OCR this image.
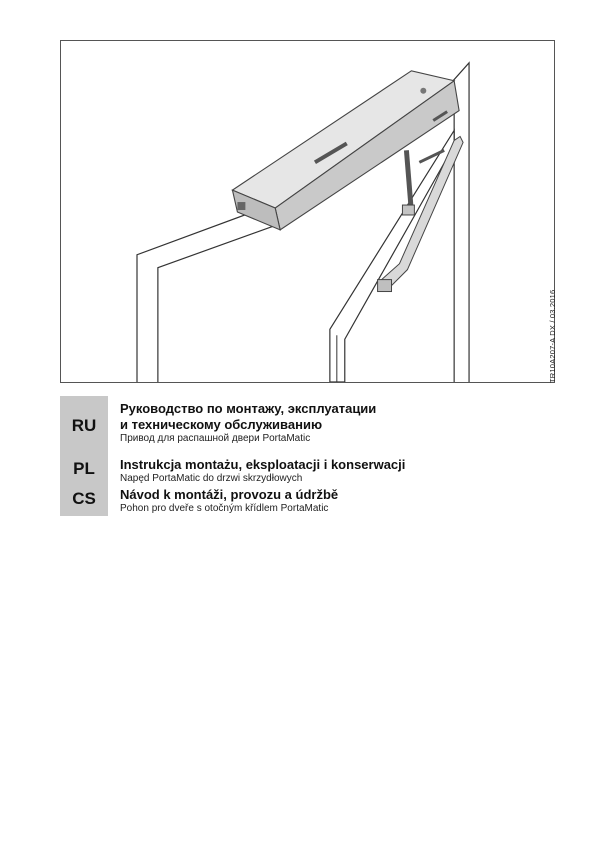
TR10A207-A DX / 03.2016
RU
Руководство по монтажу, эксплуатации
и техническому обслуживанию
Привод для распашной двери PortaMatic
PL	Instrukcja montażu, eksploatacji i konserwacji
Napęd PortaMatic do drzwi skrzydłowych
CS	Návod k montáži, provozu a údržbě
Pohon pro dveře s otočným křídlem PortaMatic
